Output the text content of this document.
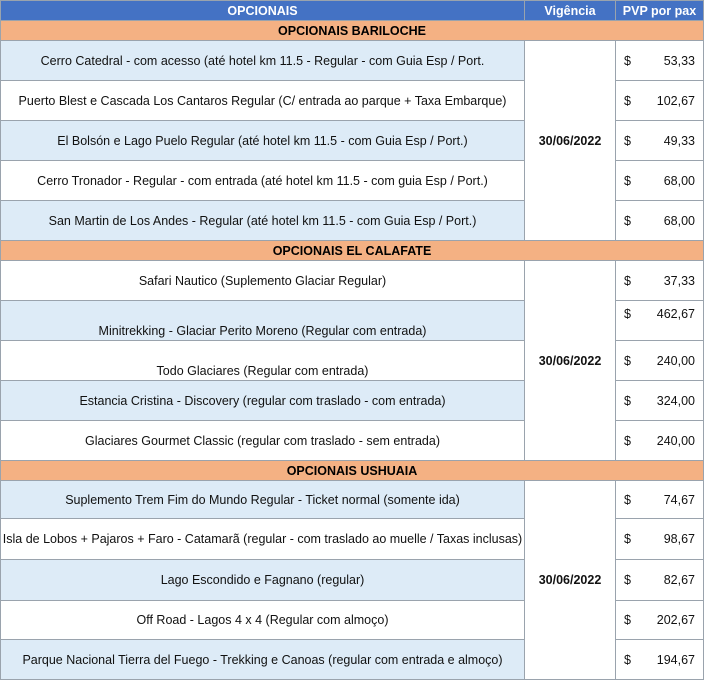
OPCIONAIS	Vigência	PVP por pax
OPCIONAIS BARILOCHE		
Cerro Catedral - com acesso (até hotel km 11.5 - Regular - com Guia Esp / Port.	30/06/2022	$ 53,33

Puerto Blest e Cascada Los Cantaros Regular (C/ entrada ao parque + Taxa Embarque)		$ 102,67

El Bolsón e Lago Puelo Regular (até hotel km 11.5 - com Guia Esp / Port.)		$ 49,33

Cerro Tronador - Regular - com entrada (até hotel km 11.5 - com guia Esp / Port.)		$ 68,00

San Martin de Los Andes - Regular (até hotel km 11.5 - com Guia Esp / Port.)		$ 68,00

OPCIONAIS EL CALAFATE		
Safari Nautico (Suplemento Glaciar Regular)	30/06/2022	$ 37,33

Minitrekking - Glaciar Perito Moreno (Regular com entrada)		$ 462,67

Todo Glaciares (Regular com entrada)		$ 240,00

Estancia Cristina - Discovery (regular com traslado - com entrada)		$ 324,00

Glaciares Gourmet Classic (regular com traslado - sem entrada)		$ 240,00

OPCIONAIS USHUAIA		
Suplemento Trem Fim do Mundo Regular - Ticket normal (somente ida)	30/06/2022	$ 74,67

Isla de Lobos + Pajaros + Faro - Catamarã (regular - com traslado ao muelle / Taxas inclusas)		$ 98,67

Lago Escondido e Fagnano (regular)		$ 82,67

Off Road - Lagos 4 x 4 (Regular com almoço)		$ 202,67

Parque Nacional Tierra del Fuego - Trekking e Canoas (regular com entrada e almoço)		$ 194,67
